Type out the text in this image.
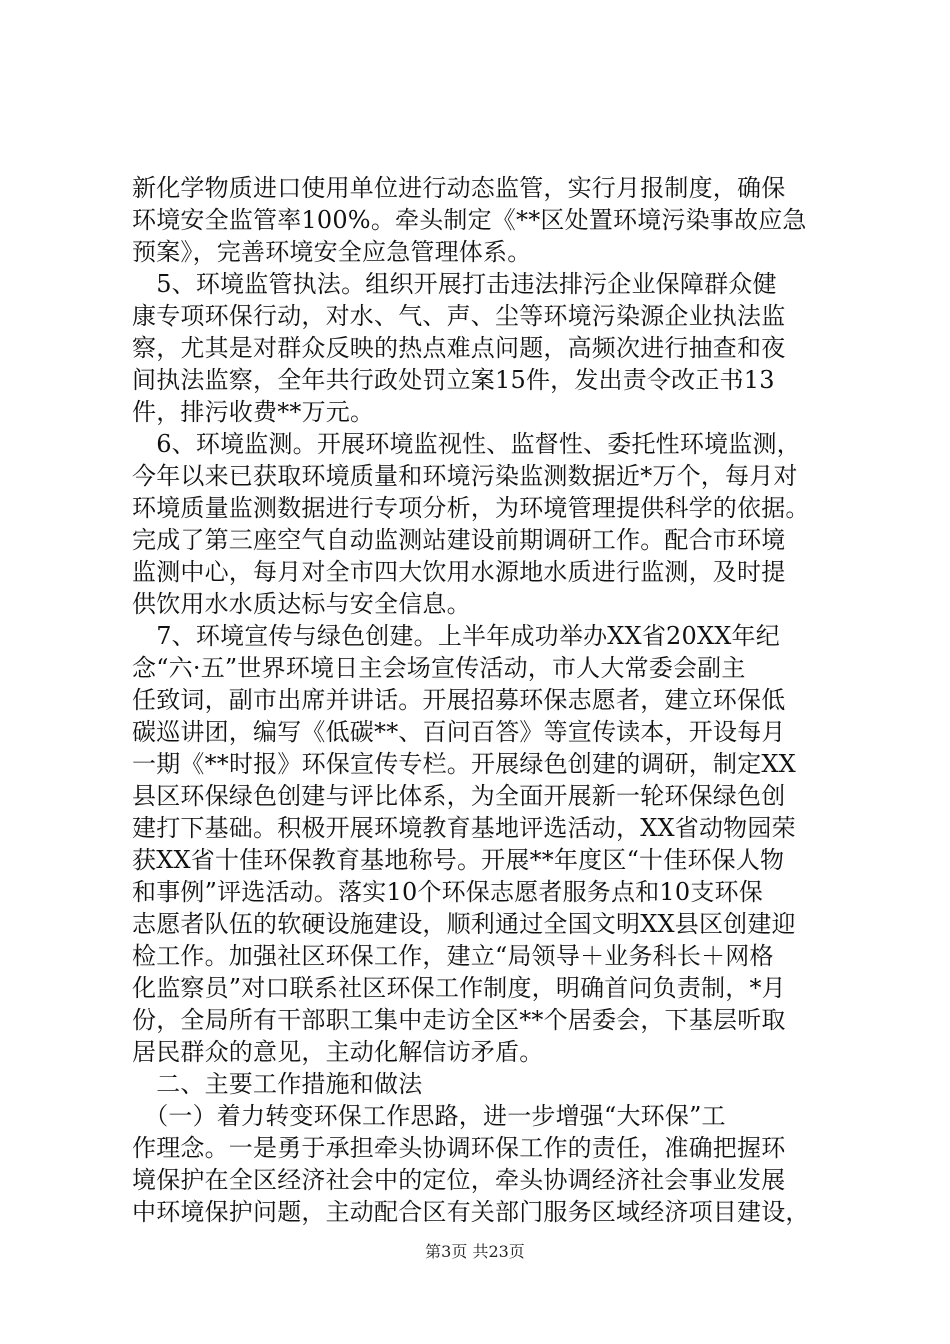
新化学物质进口使用单位进行动态监管，实行月报制度，确保
环境安全监管率100%。牵头制定《**区处置环境污染事故应急
预案》，完善环境安全应急管理体系。
　5、环境监管执法。组织开展打击违法排污企业保障群众健
康专项环保行动，对水、气、声、尘等环境污染源企业执法监
察，尤其是对群众反映的热点难点问题，高频次进行抽查和夜
间执法监察，全年共行政处罚立案15件，发出责令改正书13
件，排污收费**万元。
　6、环境监测。开展环境监视性、监督性、委托性环境监测，
今年以来已获取环境质量和环境污染监测数据近*万个，每月对
环境质量监测数据进行专项分析，为环境管理提供科学的依据。
完成了第三座空气自动监测站建设前期调研工作。配合市环境
监测中心，每月对全市四大饮用水源地水质进行监测，及时提
供饮用水水质达标与安全信息。
　7、环境宣传与绿色创建。上半年成功举办XX省20XX年纪
念“六·五”世界环境日主会场宣传活动，市人大常委会副主
任致词，副市出席并讲话。开展招募环保志愿者，建立环保低
碳巡讲团，编写《低碳**、百问百答》等宣传读本，开设每月
一期《**时报》环保宣传专栏。开展绿色创建的调研，制定XX
县区环保绿色创建与评比体系，为全面开展新一轮环保绿色创
建打下基础。积极开展环境教育基地评选活动，XX省动物园荣
获XX省十佳环保教育基地称号。开展**年度区“十佳环保人物
和事例”评选活动。落实10个环保志愿者服务点和10支环保
志愿者队伍的软硬设施建设，顺利通过全国文明XX县区创建迎
检工作。加强社区环保工作，建立“局领导＋业务科长＋网格
化监察员”对口联系社区环保工作制度，明确首问负责制，*月
份，全局所有干部职工集中走访全区**个居委会，下基层听取
居民群众的意见，主动化解信访矛盾。
　二、主要工作措施和做法
　（一）着力转变环保工作思路，进一步增强“大环保”工
作理念。一是勇于承担牵头协调环保工作的责任，准确把握环
境保护在全区经济社会中的定位，牵头协调经济社会事业发展
中环境保护问题，主动配合区有关部门服务区域经济项目建设，
第3页 共23页
